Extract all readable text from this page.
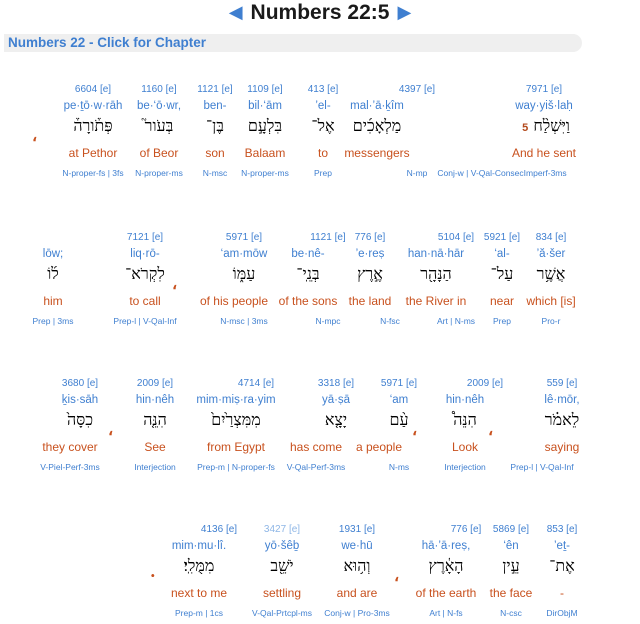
◀ Numbers 22:5 ▶
Numbers 22 - Click for Chapter
7971 [e]
way·yiš·laḥ
5 וַיִּשְׁלַ֨ח
And he sent
Conj-w | V-Qal-ConsecImperf-3ms
4397 [e]
mal·’ā·ḵîm
מַלְאָכִ֜ים
messengers
N-mp
413 [e]
’el-
אֶל־
to
Prep
1109 [e]
bil·‘ām
בִּלְעָ֣ם
Balaam
N-proper-ms
1121 [e]
ben-
בֶּן־
son
N-msc
1160 [e]
be·‘ō·wr,
בְּעֹור֮
of Beor
N-proper-ms
6604 [e]
pe·ṯō·w·rāh
פְּתֹ֒ורָה֒
at Pethor
N-proper-fs | 3fs
،
834 [e]
’ă·šer
אֲשֶׁ֥ר
which [is]
Pro-r
5921 [e]
‘al-
עַל־
near
Prep
5104 [e]
han·nā·hār
הַנָּהָ֖ר
the River in
Art | N-ms
776 [e]
’e·reṣ
אֶ֣רֶץ
the land
N-fsc
1121 [e]
be·nê-
בְּנֵֽי־
of the sons
N-mpc
5971 [e]
‘am·mōw
עַמּ֑וֹ
of his people
N-msc | 3ms
7121 [e]
liq·rō-
לִקְרֹא־
to call
Prep-l | V-Qal-Inf
lōw;
ל֜וֹ
him
Prep | 3ms
،
559 [e]
lê·mōr,
לֵאמֹ֗ר
saying
Prep-l | V-Qal-Inf
2009 [e]
hin·nêh
הִנֵּה֩
Look
Interjection
5971 [e]
‘am
עַ֨ם
a people
N-ms
3318 [e]
yā·ṣā
יָצָ֤א
has come
V-Qal-Perf-3ms
4714 [e]
mim·miṣ·ra·yim
מִמִּצְרַ֙יִם֙
from Egypt
Prep-m | N-proper-fs
2009 [e]
hin·nêh
הִנֵּ֤ה
See
Interjection
3680 [e]
ḵis·sāh
כִסָּה֙
they cover
V-Piel-Perf-3ms
،
،
،
853 [e]
’eṯ-
אֶת־
-
DirObjM
5869 [e]
‘ên
עֵ֣ין
the face
N-csc
776 [e]
hā·’ā·reṣ,
הָאָ֔רֶץ
of the earth
Art | N-fs
1931 [e]
we·hū
וְה֥וּא
and are
Conj-w | Pro-3ms
3427 [e]
yō·šêḇ
יֹשֵׁ֖ב
settling
V-Qal-Prtcpl-ms
4136 [e]
mim·mu·lî.
מִמֻּלִֽי׃
next to me
Prep-m | 1cs
،
.
